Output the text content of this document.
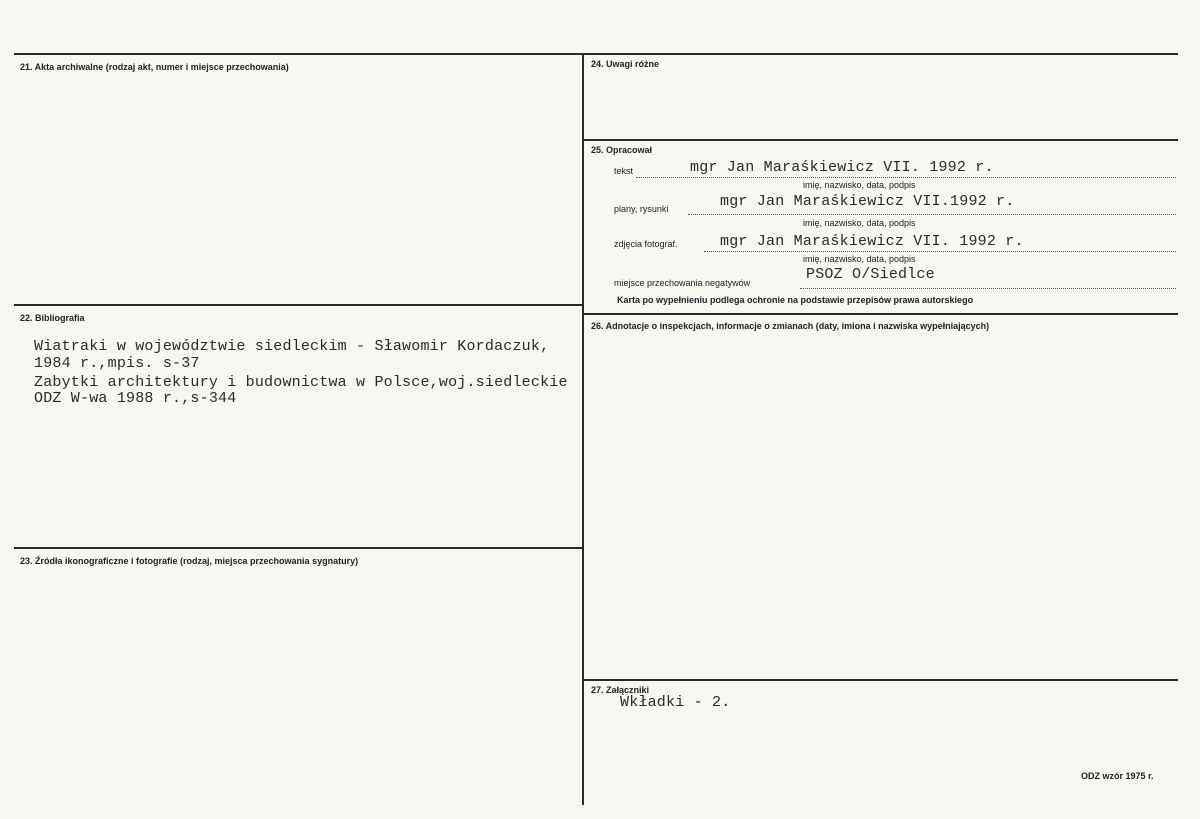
21. Akta archiwalne (rodzaj akt, numer i miejsce przechowania)
22. Bibliografia
Wiatraki w województwie siedleckim - Sławomir Kordaczuk,
1984 r.,mpis. s-37
Zabytki architektury i budownictwa w Polsce,woj.siedleckie
ODZ W-wa 1988 r.,s-344
23. Źródła ikonograficzne i fotografie (rodzaj, miejsca przechowania sygnatury)
24. Uwagi różne
25. Opracował
tekst	mgr Jan Maraśkiewicz VII. 1992 r.
imię, nazwisko, data, podpis
plany, rysunki	mgr Jan Maraśkiewicz VII.1992 r.
imię, nazwisko, data, podpis
zdjęcia fotograf.	mgr Jan Maraśkiewicz VII. 1992 r.
imię, nazwisko, data, podpis
miejsce przechowania negatywów	PSOZ O/Siedlce
Karta po wypełnieniu podlega ochronie na podstawie przepisów prawa autorskiego
26. Adnotacje o inspekcjach, informacje o zmianach (daty, imiona i nazwiska wypełniających)
27. Załączniki
Wkładki - 2.
ODZ wzór 1975 r.
